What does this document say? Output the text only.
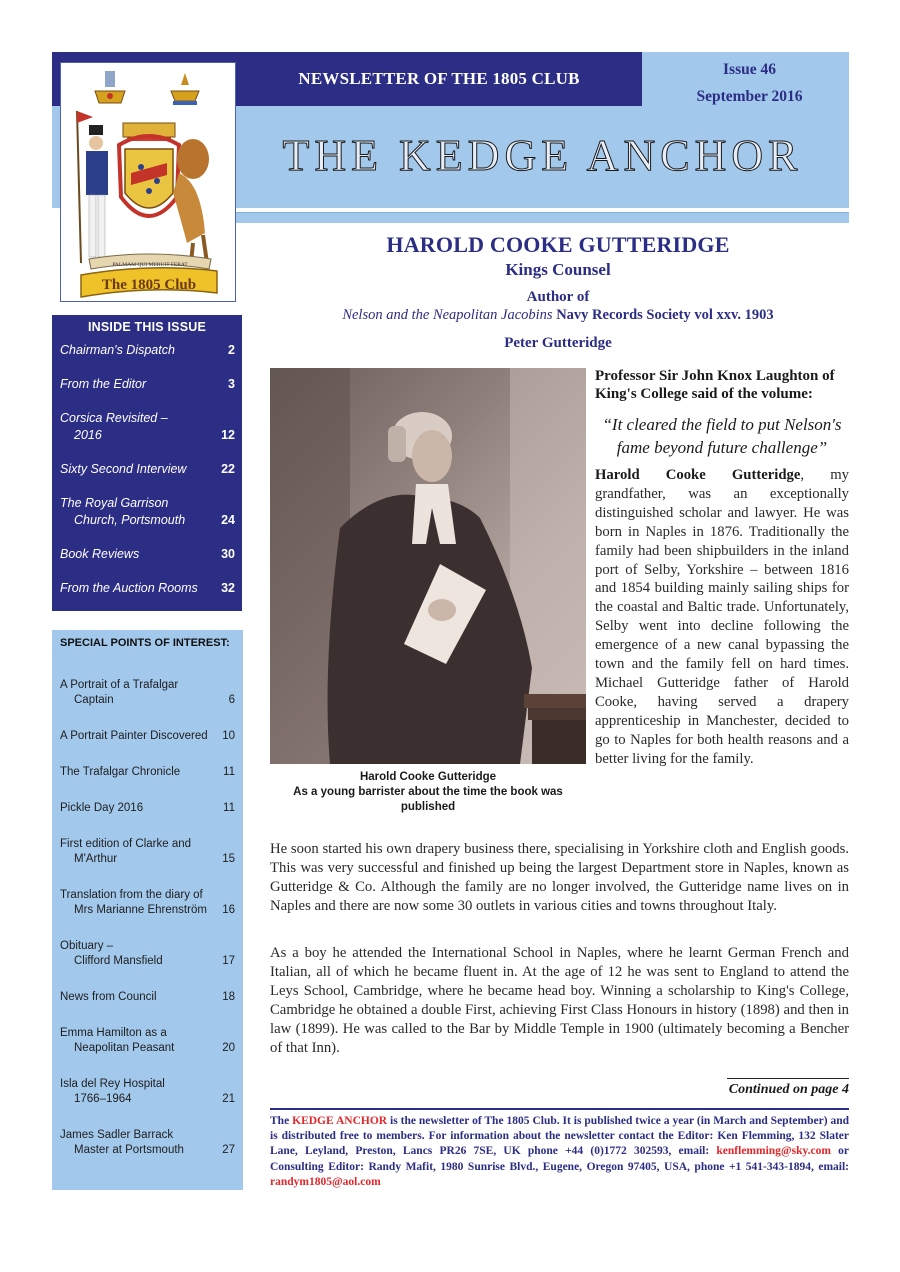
NEWSLETTER OF THE 1805 CLUB	Issue 46
September 2016
THE KEDGE ANCHOR
PALMAM QUI MERUIT FERAT
The 1805 Club
INSIDE THIS ISSUE
Chairman's Dispatch	2
From the Editor	3
Corsica Revisited –
2016	12
Sixty Second Interview	22
The Royal Garrison
Church, Portsmouth	24
Book Reviews	30
From the Auction Rooms	32
SPECIAL POINTS OF INTEREST:
A Portrait of a Trafalgar
Captain	6
A Portrait Painter Discovered	10
The Trafalgar Chronicle	11
Pickle Day 2016	11
First edition of Clarke and
M'Arthur	15
Translation from the diary of
Mrs Marianne Ehrenström	16
Obituary –
Clifford Mansfield	17
News from Council	18
Emma Hamilton as a
Neapolitan Peasant	20
Isla del Rey Hospital
1766–1964	21
James Sadler Barrack
Master at Portsmouth	27
HAROLD COOKE GUTTERIDGE
Kings Counsel
Author of
Nelson and the Neapolitan Jacobins Navy Records Society vol xxv. 1903
Peter Gutteridge
Harold Cooke Gutteridge
As a young barrister about the time the book was published
Professor Sir John Knox Laughton of King's College said of the volume:
“It cleared the field to put Nelson's fame beyond future challenge”
Harold Cooke Gutteridge, my grandfather, was an exceptionally distinguished scholar and lawyer. He was born in Naples in 1876. Traditionally the family had been shipbuilders in the inland port of Selby, Yorkshire – between 1816 and 1854 building mainly sailing ships for the coastal and Baltic trade. Unfortunately, Selby went into decline following the emergence of a new canal bypassing the town and the family fell on hard times. Michael Gutteridge father of Harold Cooke, having served a drapery apprenticeship in Manchester, decided to go to Naples for both health reasons and a better living for the family.
He soon started his own drapery business there, specialising in Yorkshire cloth and English goods. This was very successful and finished up being the largest Department store in Naples, known as Gutteridge & Co. Although the family are no longer involved, the Gutteridge name lives on in Naples and there are now some 30 outlets in various cities and towns throughout Italy.
As a boy he attended the International School in Naples, where he learnt German French and Italian, all of which he became fluent in. At the age of 12 he was sent to England to attend the Leys School, Cambridge, where he became head boy. Winning a scholarship to King's College, Cambridge he obtained a double First, achieving First Class Honours in history (1898) and then in law (1899). He was called to the Bar by Middle Temple in 1900 (ultimately becoming a Bencher of that Inn).
Continued on page 4
The KEDGE ANCHOR is the newsletter of The 1805 Club. It is published twice a year (in March and September) and is distributed free to members. For information about the newsletter contact the Editor: Ken Flemming, 132 Slater Lane, Leyland, Preston, Lancs PR26 7SE, UK phone +44 (0)1772 302593, email: kenflemming@sky.com or Consulting Editor: Randy Mafit, 1980 Sunrise Blvd., Eugene, Oregon 97405, USA, phone +1 541-343-1894, email: randym1805@aol.com
